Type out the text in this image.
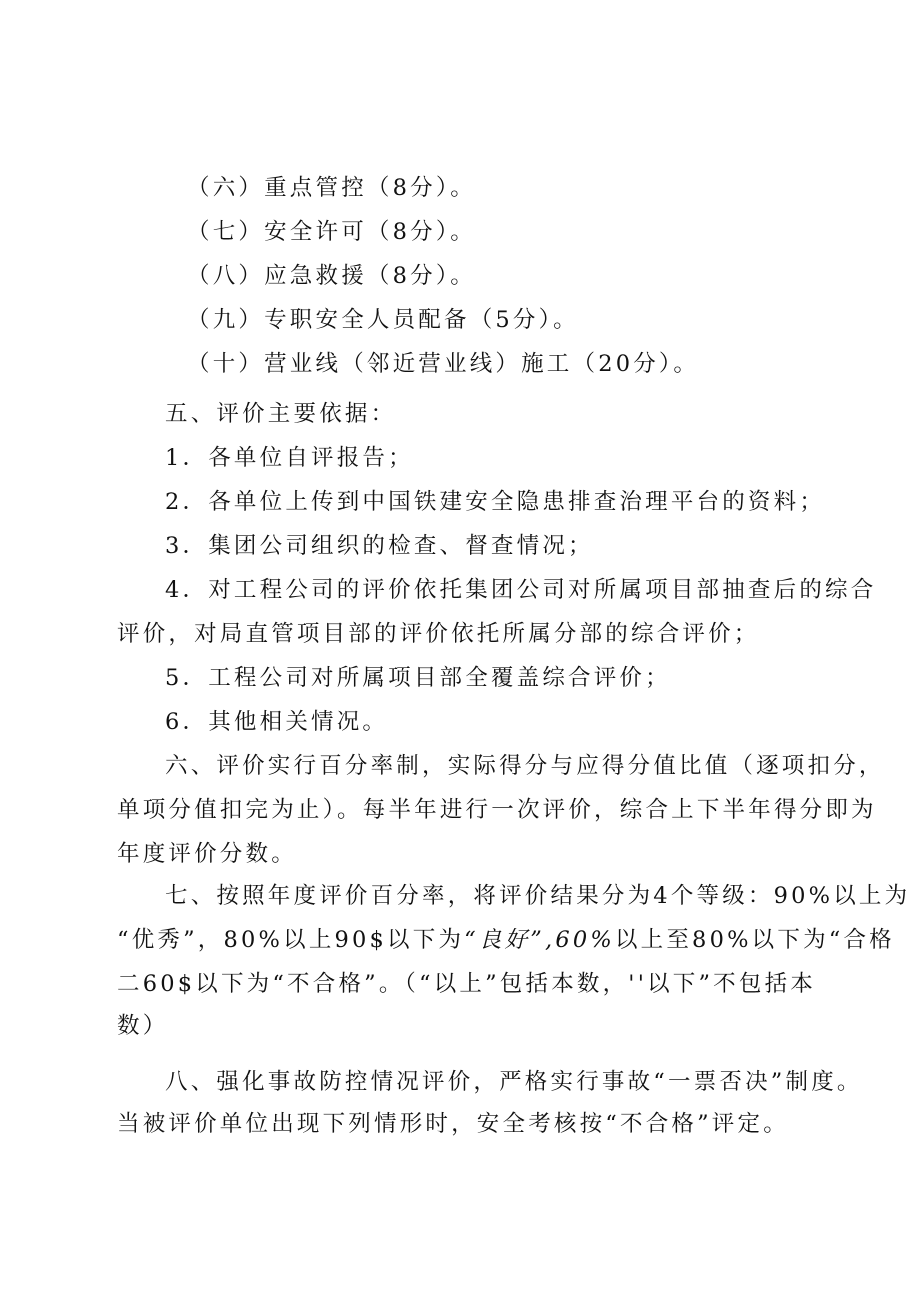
（六）重点管控（8分）。
（七）安全许可（8分）。
（八）应急救援（8分）。
（九）专职安全人员配备（5分）。
（十）营业线（邻近营业线）施工（20分）。
五、评价主要依据：
1．各单位自评报告；
2．各单位上传到中国铁建安全隐患排查治理平台的资料；
3．集团公司组织的检查、督查情况；
4．对工程公司的评价依托集团公司对所属项目部抽查后的综合
评价，对局直管项目部的评价依托所属分部的综合评价；
5．工程公司对所属项目部全覆盖综合评价；
6．其他相关情况。
六、评价实行百分率制，实际得分与应得分值比值（逐项扣分，
单项分值扣完为止）。每半年进行一次评价，综合上下半年得分即为
年度评价分数。
七、按照年度评价百分率，将评价结果分为4个等级：90%以上为
“优秀”，80%以上90$以下为“良好”,60%以上至80%以下为“合格
二60$以下为“不合格”。（“以上”包括本数，''以下”不包括本
数）
八、强化事故防控情况评价，严格实行事故“一票否决”制度。
当被评价单位出现下列情形时，安全考核按“不合格”评定。
